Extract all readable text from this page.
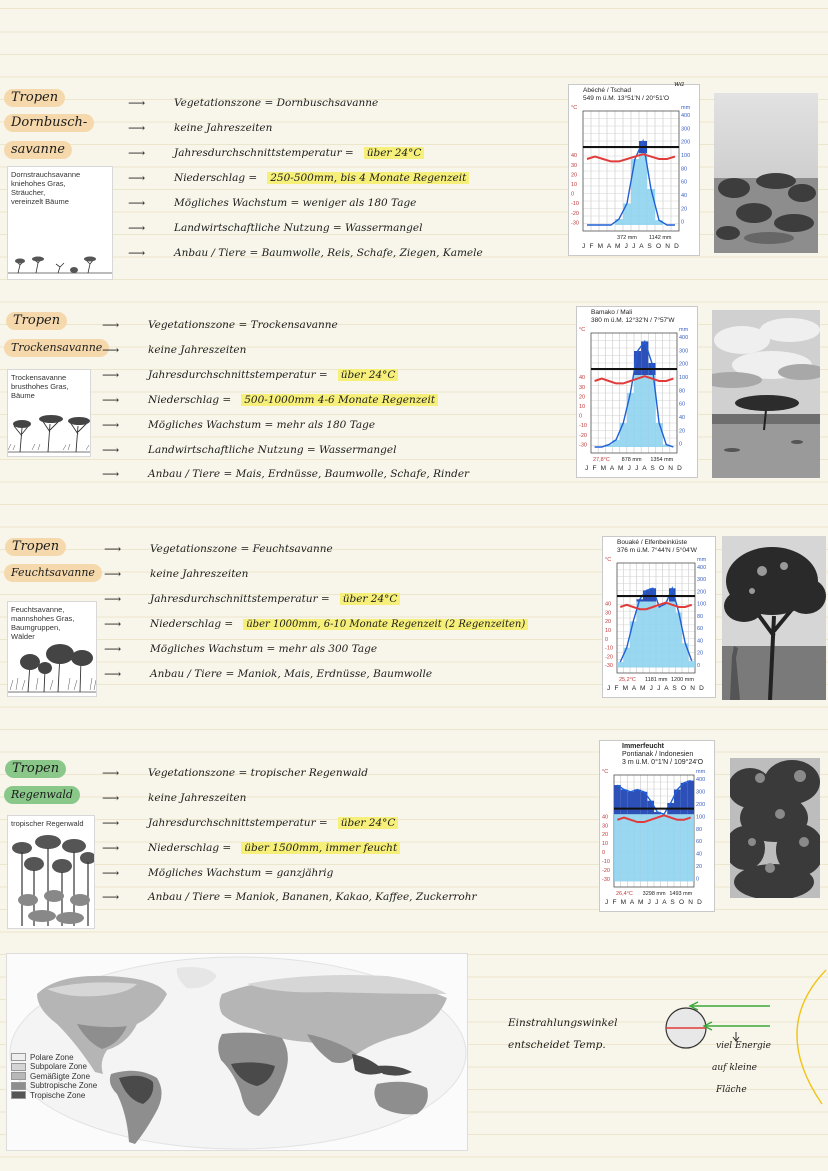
Tropen
Dornbusch-
savanne
Dornstrauchsavanne
kniehohes Gras,
Sträucher,
vereinzelt Bäume
⟶	Vegetationszone = Dornbuschsavanne
⟶	keine Jahreszeiten
⟶	Jahresdurchschnittstemperatur = über 24°C
⟶	Niederschlag = 250-500mm, bis 4 Monate Regenzeit
⟶	Mögliches Wachstum = weniger als 180 Tage
⟶	Landwirtschaftliche Nutzung = Wassermangel
⟶	Anbau / Tiere = Baumwolle, Reis, Schafe, Ziegen, Kamele
Abéché / Tschad
549 m ü.M. 13°51'N / 20°51'O
40
30
20
10
0
-10
-20
-30
400
300
200
100
80
60
40
20
0
°C	mm
372 mm 1142 mm
J F M A M J J A S O N D
wa
Tropen
Trockensavanne
Trockensavanne
brusthohes Gras,
Bäume
⟶	Vegetationszone = Trockensavanne
⟶	keine Jahreszeiten
⟶	Jahresdurchschnittstemperatur = über 24°C
⟶	Niederschlag = 500-1000mm 4-6 Monate Regenzeit
⟶	Mögliches Wachstum = mehr als 180 Tage
⟶	Landwirtschaftliche Nutzung = Wassermangel
⟶	Anbau / Tiere = Mais, Erdnüsse, Baumwolle, Schafe, Rinder
Bamako / Mali
380 m ü.M. 12°32'N / 7°57'W
40
30
20
10
0
-10
-20
-30
400
300
200
100
80
60
40
20
0
°C	mm
27,8°C 878 mm 1354 mm
J F M A M J J A S O N D
Tropen
Feuchtsavanne
Feuchtsavanne,
mannshohes Gras,
Baumgruppen,
Wälder
⟶	Vegetationszone = Feuchtsavanne
⟶	keine Jahreszeiten
⟶	Jahresdurchschnittstemperatur = über 24°C
⟶	Niederschlag =	über 1000mm, 6-10 Monate Regenzeit (2 Regenzeiten)
⟶	Mögliches Wachstum = mehr als 300 Tage
⟶	Anbau / Tiere = Maniok, Mais, Erdnüsse, Baumwolle
Bouaké / Elfenbeinküste
376 m ü.M. 7°44'N / 5°04'W
40
30
20
10
0
-10
-20
-30
400
300
200
100
80
60
40
20
0
°C	mm
25,2°C 1181 mm 1200 mm
J F M A M J J A S O N D
Tropen
Regenwald
tropischer Regenwald
⟶	Vegetationszone = tropischer Regenwald
⟶	keine Jahreszeiten
⟶	Jahresdurchschnittstemperatur = über 24°C
⟶	Niederschlag = über 1500mm, immer feucht
⟶	Mögliches Wachstum = ganzjährig
⟶	Anbau / Tiere = Maniok, Bananen, Kakao, Kaffee, Zuckerrohr
Immerfeucht
Pontianak / Indonesien
3 m ü.M. 0°1'N / 109°24'O
40
30
20
10
0
-10
-20
-30
400
300
200
100
80
60
40
20
0
°C	mm
26,4°C 3298 mm 1493 mm
J F M A M J J A S O N D
Polare Zone
Subpolare Zone
Gemäßigte Zone
Subtropische Zone
Tropische Zone
Einstrahlungswinkel
entscheidet Temp.	viel Energie
auf kleine
Fläche
